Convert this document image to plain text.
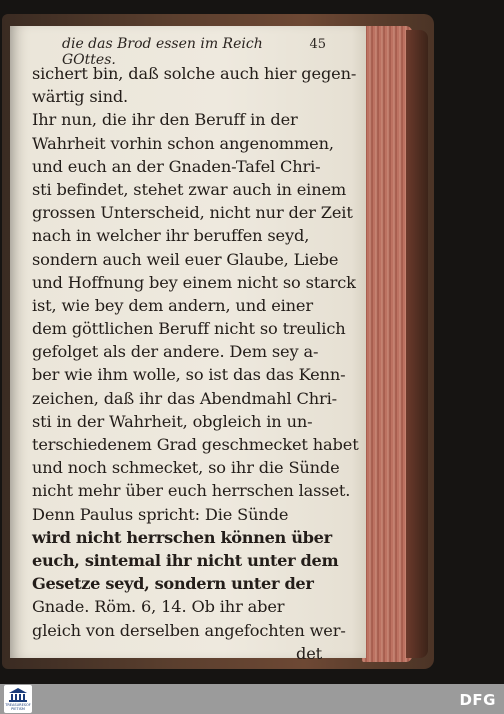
die das Brod essen im Reich GOttes.
45
sichert bin, daß solche auch hier gegen-
wärtig sind.
Ihr nun, die ihr den Beruff in der
Wahrheit vorhin schon angenommen,
und euch an der Gnaden-Tafel Chri-
sti befindet, stehet zwar auch in einem
grossen Unterscheid, nicht nur der Zeit
nach in welcher ihr beruffen seyd,
sondern auch weil euer Glaube, Liebe
und Hoffnung bey einem nicht so starck
ist, wie bey dem andern, und einer
dem göttlichen Beruff nicht so treulich
gefolget als der andere. Dem sey a-
ber wie ihm wolle, so ist das das Kenn-
zeichen, daß ihr das Abendmahl Chri-
sti in der Wahrheit, obgleich in un-
terschiedenem Grad geschmecket habet
und noch schmecket, so ihr die Sünde
nicht mehr über euch herrschen lasset.
Denn Paulus spricht: Die Sünde
wird nicht herrschen können über
euch, sintemal ihr nicht unter dem
Gesetze seyd, sondern unter der
Gnade. Röm. 6, 14. Ob ihr aber
gleich von derselben angefochten wer-
det
TREASURESOF PIETISM	DFG
